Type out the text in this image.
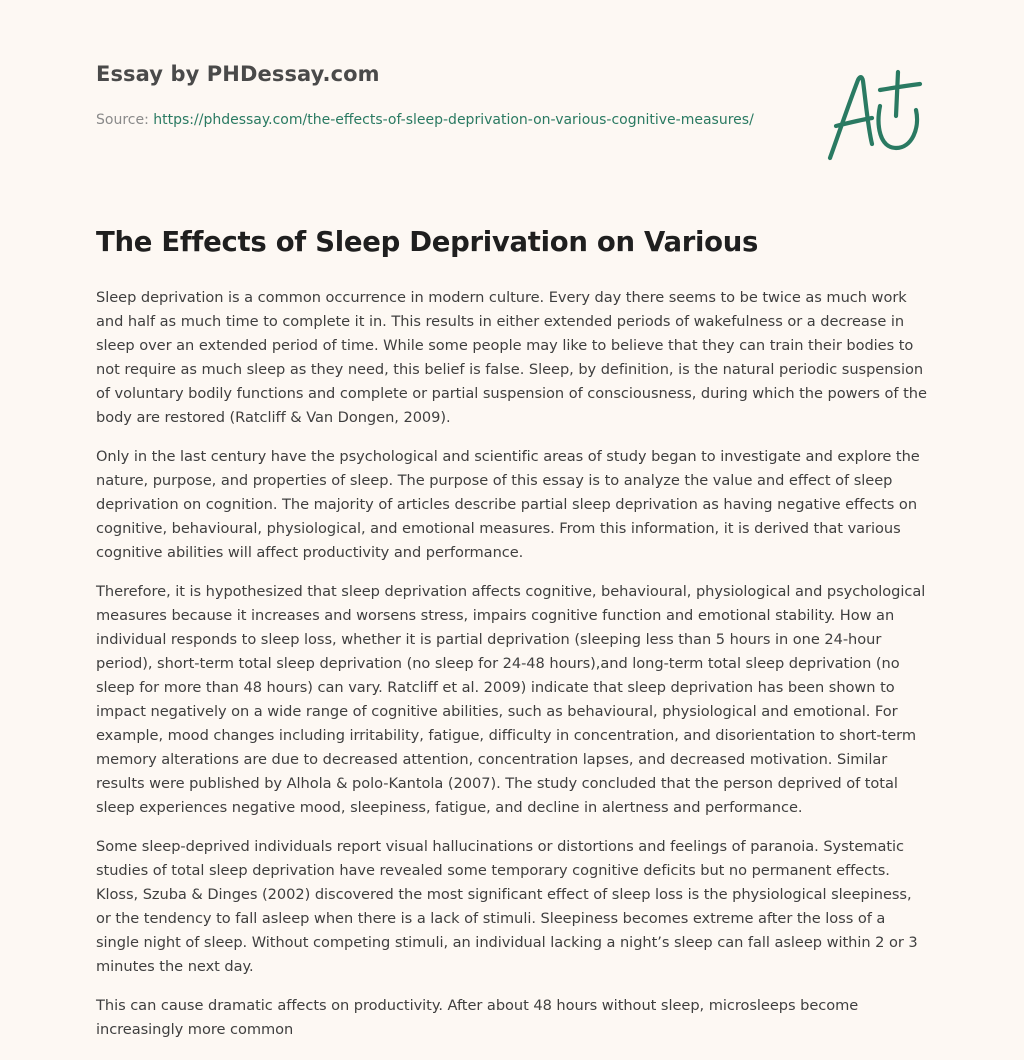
Essay by PHDessay.com
Source: https://phdessay.com/the-effects-of-sleep-deprivation-on-various-cognitive-measures/
The Effects of Sleep Deprivation on Various

Sleep deprivation is a common occurrence in modern culture. Every day there seems to be twice as much work and half as much time to complete it in. This results in either extended periods of wakefulness or a decrease in sleep over an extended period of time. While some people may like to believe that they can train their bodies to not require as much sleep as they need, this belief is false. Sleep, by definition, is the natural periodic suspension of voluntary bodily functions and complete or partial suspension of consciousness, during which the powers of the body are restored (Ratcliff & Van Dongen, 2009).

Only in the last century have the psychological and scientific areas of study began to investigate and explore the nature, purpose, and properties of sleep. The purpose of this essay is to analyze the value and effect of sleep deprivation on cognition. The majority of articles describe partial sleep deprivation as having negative effects on cognitive, behavioural, physiological, and emotional measures. From this information, it is derived that various cognitive abilities will affect productivity and performance.

Therefore, it is hypothesized that sleep deprivation affects cognitive, behavioural, physiological and psychological measures because it increases and worsens stress, impairs cognitive function and emotional stability. How an individual responds to sleep loss, whether it is partial deprivation (sleeping less than 5 hours in one 24-hour period), short-term total sleep deprivation (no sleep for 24-48 hours),and long-term total sleep deprivation (no sleep for more than 48 hours) can vary. Ratcliff et al. 2009) indicate that sleep deprivation has been shown to impact negatively on a wide range of cognitive abilities, such as behavioural, physiological and emotional. For example, mood changes including irritability, fatigue, difficulty in concentration, and disorientation to short-term memory alterations are due to decreased attention, concentration lapses, and decreased motivation. Similar results were published by Alhola & polo-Kantola (2007). The study concluded that the person deprived of total sleep experiences negative mood, sleepiness, fatigue, and decline in alertness and performance.

Some sleep-deprived individuals report visual hallucinations or distortions and feelings of paranoia. Systematic studies of total sleep deprivation have revealed some temporary cognitive deficits but no permanent effects. Kloss, Szuba & Dinges (2002) discovered the most significant effect of sleep loss is the physiological sleepiness, or the tendency to fall asleep when there is a lack of stimuli. Sleepiness becomes extreme after the loss of a single night of sleep. Without competing stimuli, an individual lacking a night’s sleep can fall asleep within 2 or 3 minutes the next day.

This can cause dramatic affects on productivity. After about 48 hours without sleep, microsleeps become increasingly more common
